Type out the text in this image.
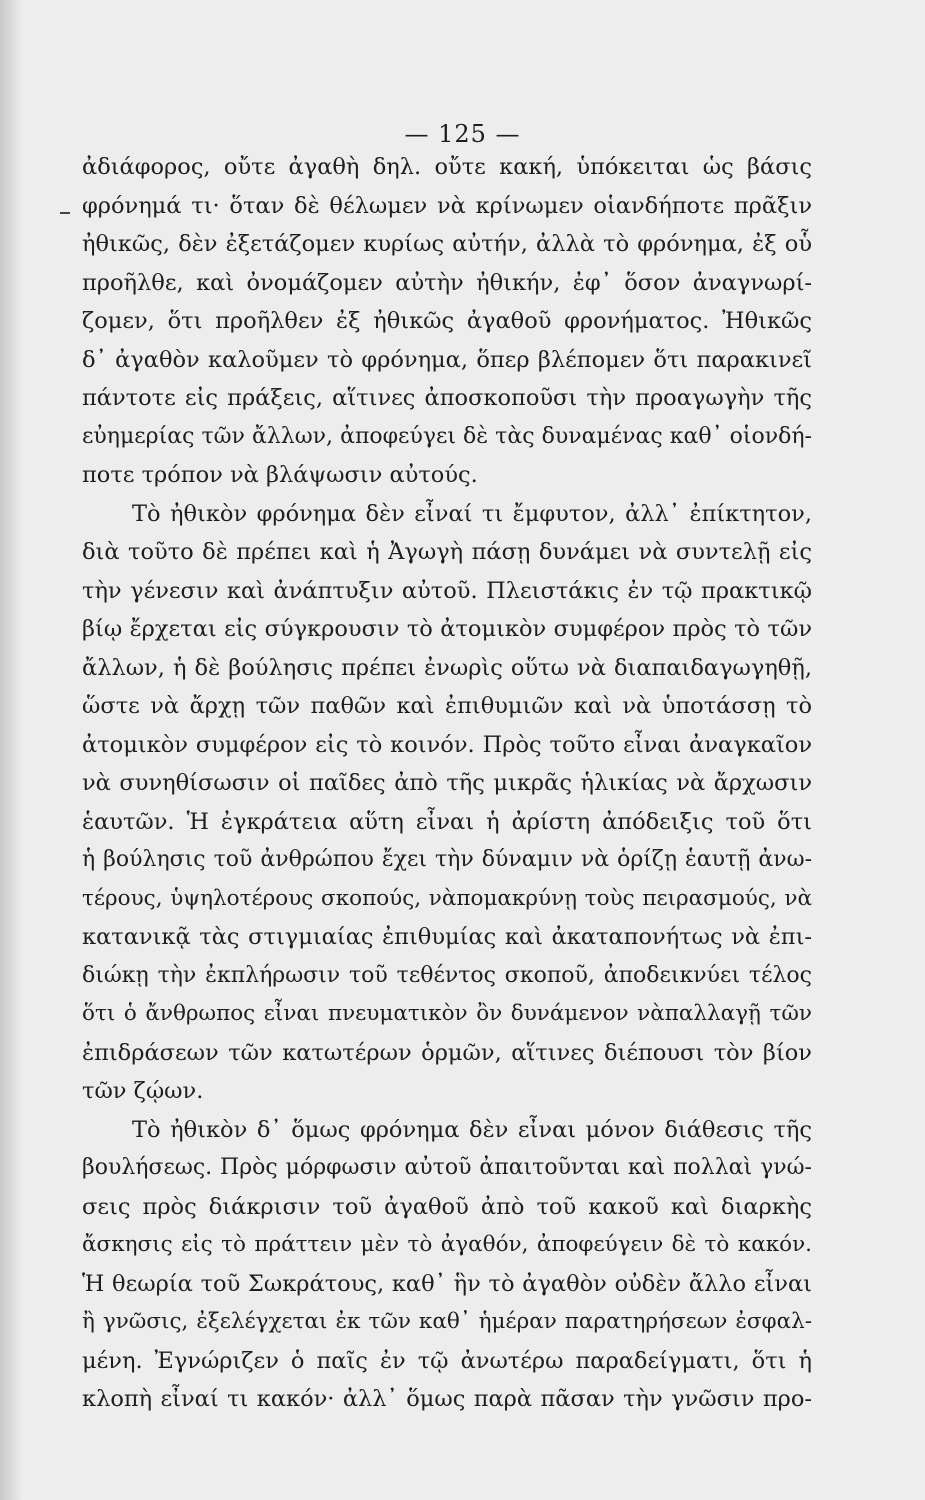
— 125 —
ἀδιάφορος, οὔτε ἀγαθὴ δηλ. οὔτε κακή, ὑπόκειται ὡς βάσις
φρόνημά τι· ὅταν δὲ θέλωμεν νὰ κρίνωμεν οἱανδήποτε πρᾶξιν
ἠθικῶς, δὲν ἐξετάζομεν κυρίως αὐτήν, ἀλλὰ τὸ φρόνημα, ἐξ οὗ
προῆλθε, καὶ ὀνομάζομεν αὐτὴν ἠθικήν, ἐφ᾽ ὅσον ἀναγνωρί-
ζομεν, ὅτι προῆλθεν ἐξ ἠθικῶς ἀγαθοῦ φρονήματος. Ἠθικῶς
δ᾽ ἀγαθὸν καλοῦμεν τὸ φρόνημα, ὅπερ βλέπομεν ὅτι παρακινεῖ
πάντοτε εἰς πράξεις, αἵτινες ἀποσκοποῦσι τὴν προαγωγὴν τῆς
εὐημερίας τῶν ἄλλων, ἀποφεύγει δὲ τὰς δυναμένας καθ᾽ οἱονδή-
ποτε τρόπον νὰ βλάψωσιν αὐτούς.
Τὸ ἠθικὸν φρόνημα δὲν εἶναί τι ἔμφυτον, ἀλλ᾽ ἐπίκτητον,
διὰ τοῦτο δὲ πρέπει καὶ ἡ Ἀγωγὴ πάσῃ δυνάμει νὰ συντελῇ εἰς
τὴν γένεσιν καὶ ἀνάπτυξιν αὐτοῦ. Πλειστάκις ἐν τῷ πρακτικῷ
βίῳ ἔρχεται εἰς σύγκρουσιν τὸ ἀτομικὸν συμφέρον πρὸς τὸ τῶν
ἄλλων, ἡ δὲ βούλησις πρέπει ἐνωρὶς οὕτω νὰ διαπαιδαγωγηθῇ,
ὥστε νὰ ἄρχῃ τῶν παθῶν καὶ ἐπιθυμιῶν καὶ νὰ ὑποτάσσῃ τὸ
ἀτομικὸν συμφέρον εἰς τὸ κοινόν. Πρὸς τοῦτο εἶναι ἀναγκαῖον
νὰ συνηθίσωσιν οἱ παῖδες ἀπὸ τῆς μικρᾶς ἡλικίας νὰ ἄρχωσιν
ἑαυτῶν. Ἡ ἐγκράτεια αὕτη εἶναι ἡ ἀρίστη ἀπόδειξις τοῦ ὅτι
ἡ βούλησις τοῦ ἀνθρώπου ἔχει τὴν δύναμιν νὰ ὁρίζῃ ἑαυτῇ ἀνω-
τέρους, ὑψηλοτέρους σκοπούς, νὰπομακρύνῃ τοὺς πειρασμούς, νὰ
κατανικᾷ τὰς στιγμιαίας ἐπιθυμίας καὶ ἀκαταπονήτως νὰ ἐπι-
διώκῃ τὴν ἐκπλήρωσιν τοῦ τεθέντος σκοποῦ, ἀποδεικνύει τέλος
ὅτι ὁ ἄνθρωπος εἶναι πνευματικὸν ὂν δυνάμενον νὰπαλλαγῇ τῶν
ἐπιδράσεων τῶν κατωτέρων ὁρμῶν, αἵτινες διέπουσι τὸν βίον
τῶν ζῴων.
Τὸ ἠθικὸν δ᾽ ὅμως φρόνημα δὲν εἶναι μόνον διάθεσις τῆς
βουλήσεως. Πρὸς μόρφωσιν αὐτοῦ ἀπαιτοῦνται καὶ πολλαὶ γνώ-
σεις πρὸς διάκρισιν τοῦ ἀγαθοῦ ἀπὸ τοῦ κακοῦ καὶ διαρκὴς
ἄσκησις εἰς τὸ πράττειν μὲν τὸ ἀγαθόν, ἀποφεύγειν δὲ τὸ κακόν.
Ἡ θεωρία τοῦ Σωκράτους, καθ᾽ ἣν τὸ ἀγαθὸν οὐδὲν ἄλλο εἶναι
ἢ γνῶσις, ἐξελέγχεται ἐκ τῶν καθ᾽ ἡμέραν παρατηρήσεων ἐσφαλ-
μένη. Ἐγνώριζεν ὁ παῖς ἐν τῷ ἀνωτέρω παραδείγματι, ὅτι ἡ
κλοπὴ εἶναί τι κακόν· ἀλλ᾽ ὅμως παρὰ πᾶσαν τὴν γνῶσιν προ-
